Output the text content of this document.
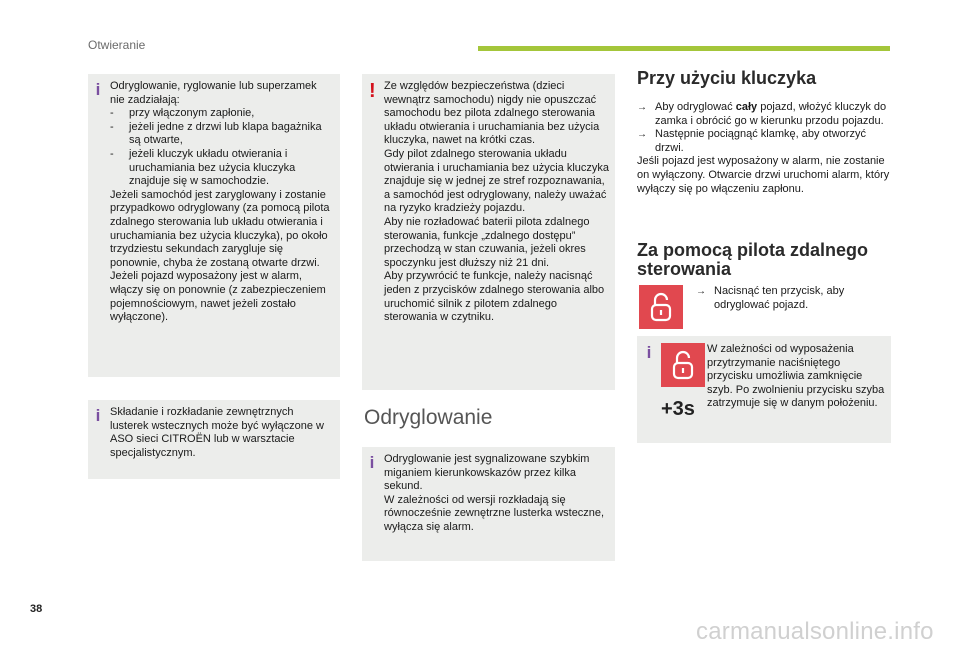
Otwieranie
i Odryglowanie, ryglowanie lub superzamek nie zadziałają:
- przy włączonym zapłonie,
- jeżeli jedne z drzwi lub klapa bagażnika są otwarte,
- jeżeli kluczyk układu otwierania i uruchamiania bez użycia kluczyka znajduje się w samochodzie.
Jeżeli samochód jest zaryglowany i zostanie przypadkowo odryglowany (za pomocą pilota zdalnego sterowania lub układu otwierania i uruchamiania bez użycia kluczyka), po około trzydziestu sekundach zarygluje się ponownie, chyba że zostaną otwarte drzwi.
Jeżeli pojazd wyposażony jest w alarm, włączy się on ponownie (z zabezpieczeniem pojemnościowym, nawet jeżeli zostało wyłączone).
i Składanie i rozkładanie zewnętrznych lusterek wstecznych może być wyłączone w ASO sieci CITROËN lub w warsztacie specjalistycznym.
! Ze względów bezpieczeństwa (dzieci wewnątrz samochodu) nigdy nie opuszczać samochodu bez pilota zdalnego sterowania układu otwierania i uruchamiania bez użycia kluczyka, nawet na krótki czas.
Gdy pilot zdalnego sterowania układu otwierania i uruchamiania bez użycia kluczyka znajduje się w jednej ze stref rozpoznawania, a samochód jest odryglowany, należy uważać na ryzyko kradzieży pojazdu.
Aby nie rozładować baterii pilota zdalnego sterowania, funkcje „zdalnego dostępu” przechodzą w stan czuwania, jeżeli okres spoczynku jest dłuższy niż 21 dni.
Aby przywrócić te funkcje, należy nacisnąć jeden z przycisków zdalnego sterowania albo uruchomić silnik z pilotem zdalnego sterowania w czytniku.
Odryglowanie
i Odryglowanie jest sygnalizowane szybkim miganiem kierunkowskazów przez kilka sekund.
W zależności od wersji rozkładają się równocześnie zewnętrzne lusterka wsteczne, wyłącza się alarm.
Przy użyciu kluczyka
→ Aby odryglować cały pojazd, włożyć kluczyk do zamka i obrócić go w kierunku przodu pojazdu.
→ Następnie pociągnąć klamkę, aby otworzyć drzwi.
Jeśli pojazd jest wyposażony w alarm, nie zostanie on wyłączony. Otwarcie drzwi uruchomi alarm, który wyłączy się po włączeniu zapłonu.
Za pomocą pilota zdalnego sterowania
→ Nacisnąć ten przycisk, aby odryglować pojazd.
i	W zależności od wyposażenia przytrzymanie naciśniętego przycisku umożliwia zamknięcie szyb. Po zwolnieniu przycisku szyba zatrzymuje się w danym położeniu.
+3s
38
carmanualsonline.info
